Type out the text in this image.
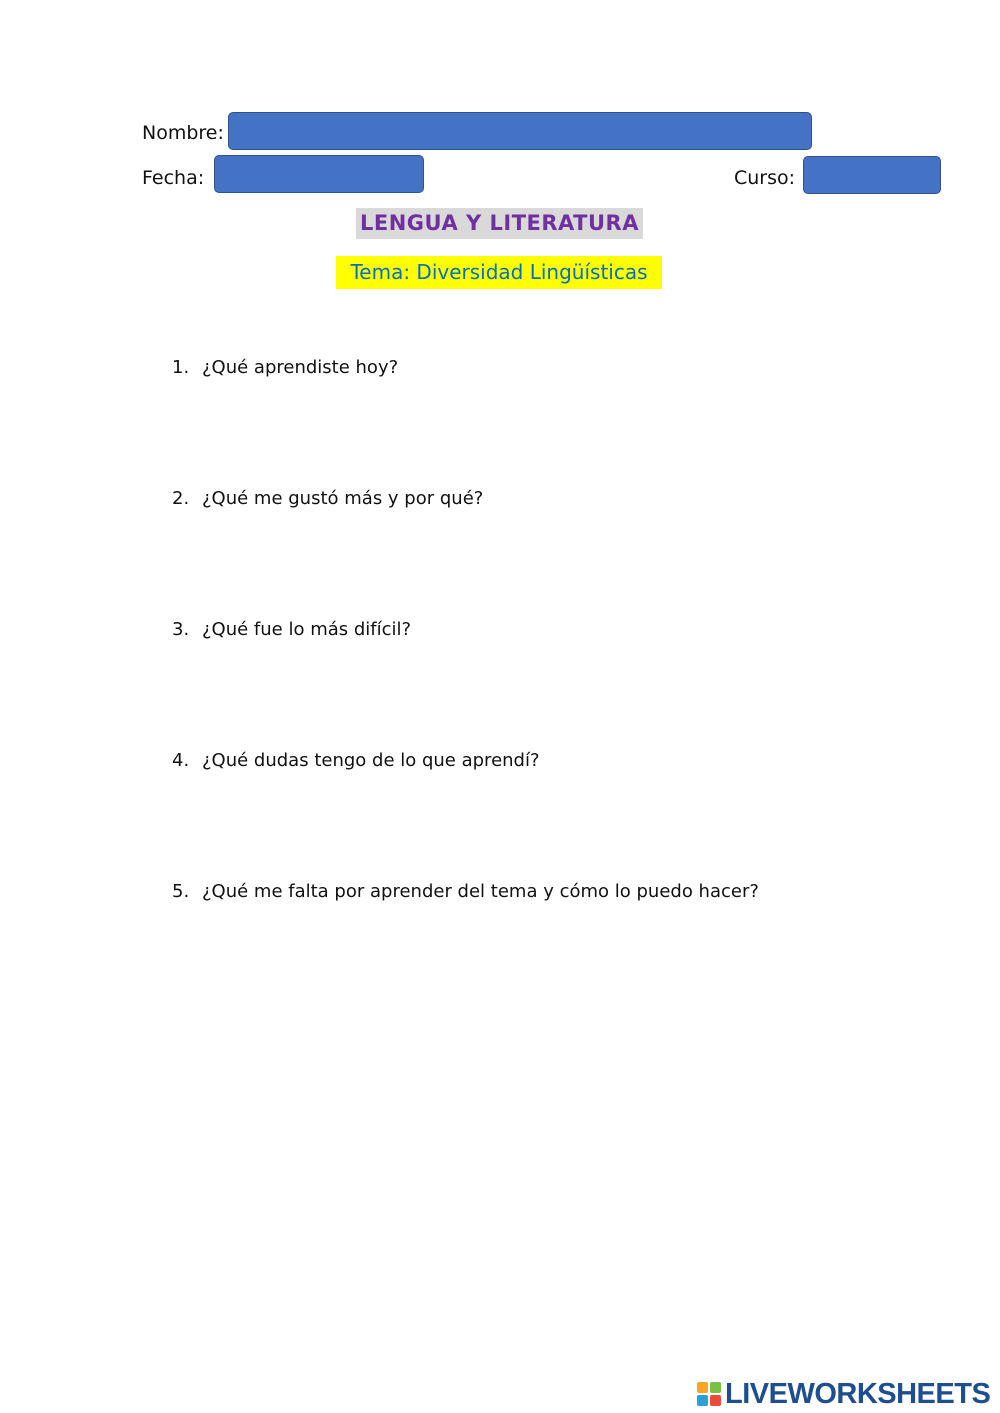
Nombre:
Fecha:	Curso:
LENGUA Y LITERATURA
Tema: Diversidad Lingüísticas
1. ¿Qué aprendiste hoy?
2. ¿Qué me gustó más y por qué?
3. ¿Qué fue lo más difícil?
4. ¿Qué dudas tengo de lo que aprendí?
5. ¿Qué me falta por aprender del tema y cómo lo puedo hacer?
LIVEWORKSHEETS
